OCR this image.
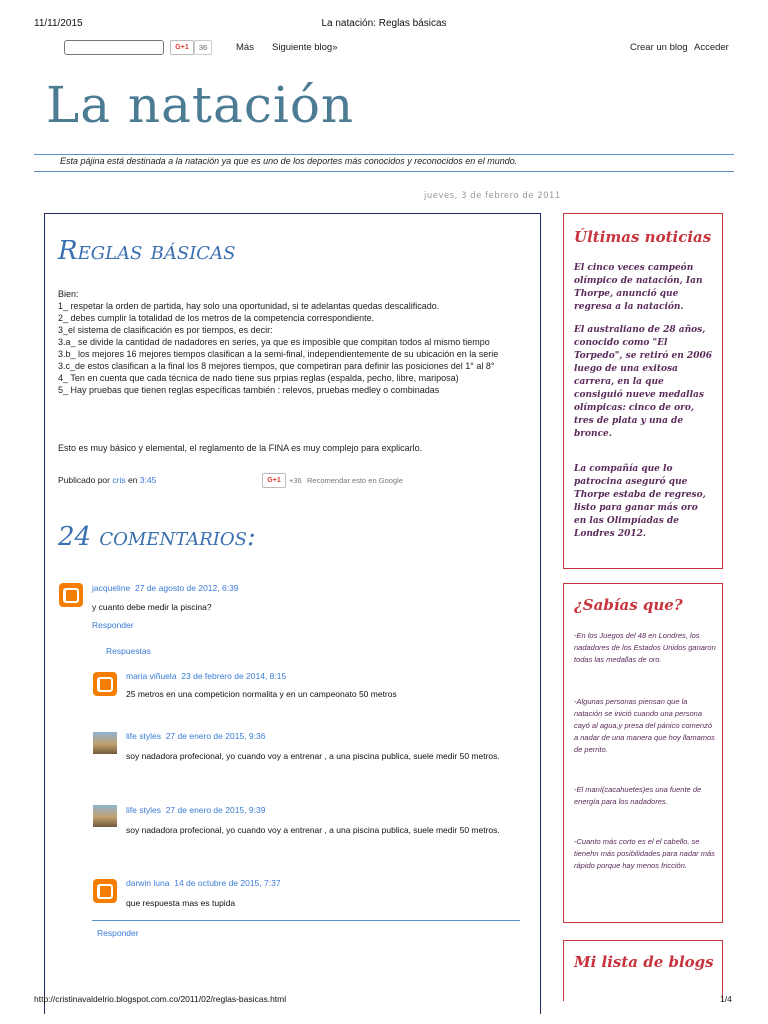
11/11/2015	La natación: Reglas básicas
G+1	36	Más Siguiente blog»	Crear un blog Acceder
La natación
Esta pájina está destinada a la natación ya que es uno de los deportes más conocidos y reconocidos en el mundo.
jueves, 3 de febrero de 2011
Reglas básicas
Bien:
1_ respetar la orden de partida, hay solo una oportunidad, si te adelantas quedas descalificado.
2_ debes cumplir la totalidad de los metros de la competencia correspondiente.
3_el sistema de clasificación es por tiempos, es decir:
3.a_ se divide la cantidad de nadadores en series, ya que es imposible que compitan todos al mismo tiempo
3.b_ los mejores 16 mejores tiempos clasifican a la semi-final, independientemente de su ubicación en la serie
3.c_de estos clasifican a la final los 8 mejores tiempos, que competiran para definir las posiciones del 1° al 8°
4_ Ten en cuenta que cada técnica de nado tiene sus prpias reglas (espalda, pecho, libre, mariposa)
5_ Hay pruebas que tienen reglas específicas también : relevos, pruebas medley o combinadas
Esto es muy básico y elemental, el reglamento de la FINA es muy complejo para explicarlo.
Publicado por cris en 3:45	G+1	+36 Recomendar esto en Google
24 comentarios:
jacqueline 27 de agosto de 2012, 6:39
y cuanto debe medir la piscina?
Responder
Respuestas
maria viñuela 23 de febrero de 2014, 8:15
25 metros en una competicion normalita y en un campeonato 50 metros
life styles 27 de enero de 2015, 9:36
soy nadadora profecional, yo cuando voy a entrenar , a una piscina publica, suele medir 50 metros.
life styles 27 de enero de 2015, 9:39
soy nadadora profecional, yo cuando voy a entrenar , a una piscina publica, suele medir 50 metros.
darwin luna 14 de octubre de 2015, 7:37
que respuesta mas es tupida
Responder
Últimas noticias
El cinco veces campeón olímpico de natación, Ian Thorpe, anunció que regresa a la natación.
El australiano de 28 años, conocido como "El Torpedo", se retiró en 2006 luego de una exitosa carrera, en la que consiguió nueve medallas olímpicas: cinco de oro, tres de plata y una de bronce.
La compañía que lo patrocina aseguró que Thorpe estaba de regreso, listo para ganar más oro en las Olimpíadas de Londres 2012.
¿Sabías que?
-En los Juegos del 48 en Londres, los nadadores de los Estados Unidos ganaron todas las medallas de oro.
-Algunas personas piensan que la natación se inició cuando una persona cayó al agua,y presa del pánico comenzó a nadar de una manera que hoy llamamos de perrito.
-El maní(cacahuetes)es una fuente de energía para los nadadores.
-Cuanto más corto es el el cabello, se tienehn más posibilidades para nadar más rápido porque hay menos fricción.
Mi lista de blogs
http://cristinavaldelrio.blogspot.com.co/2011/02/reglas-basicas.html	1/4
